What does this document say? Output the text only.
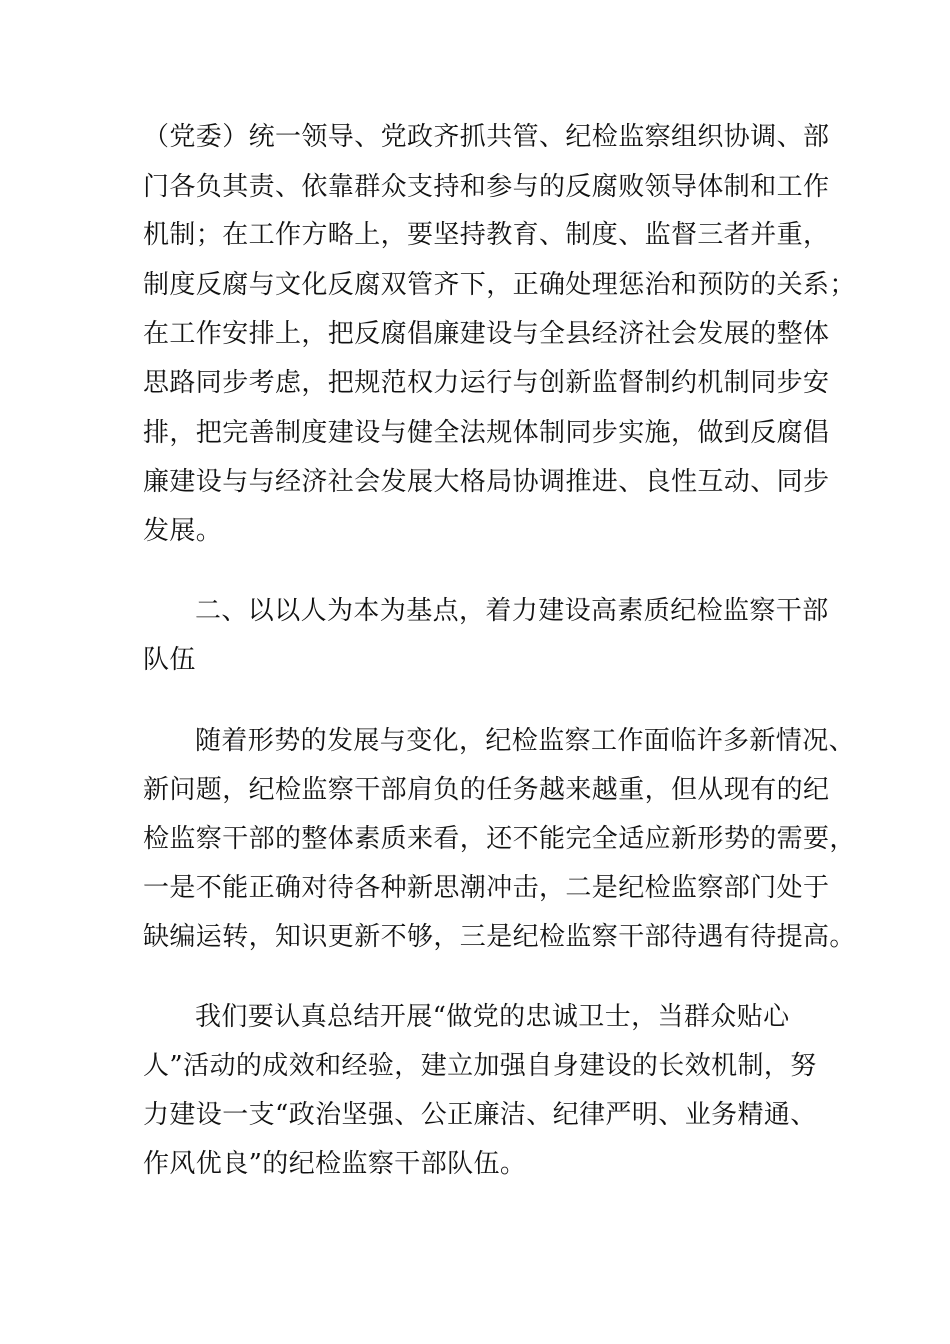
（党委）统一领导、党政齐抓共管、纪检监察组织协调、部
门各负其责、依靠群众支持和参与的反腐败领导体制和工作
机制；在工作方略上，要坚持教育、制度、监督三者并重，
制度反腐与文化反腐双管齐下，正确处理惩治和预防的关系；
在工作安排上，把反腐倡廉建设与全县经济社会发展的整体
思路同步考虑，把规范权力运行与创新监督制约机制同步安
排，把完善制度建设与健全法规体制同步实施，做到反腐倡
廉建设与与经济社会发展大格局协调推进、良性互动、同步
发展。
二、以以人为本为基点，着力建设高素质纪检监察干部
队伍
随着形势的发展与变化，纪检监察工作面临许多新情况、
新问题，纪检监察干部肩负的任务越来越重，但从现有的纪
检监察干部的整体素质来看，还不能完全适应新形势的需要，
一是不能正确对待各种新思潮冲击，二是纪检监察部门处于
缺编运转，知识更新不够，三是纪检监察干部待遇有待提高。
我们要认真总结开展“做党的忠诚卫士，当群众贴心
人”活动的成效和经验，建立加强自身建设的长效机制，努
力建设一支“政治坚强、公正廉洁、纪律严明、业务精通、
作风优良”的纪检监察干部队伍。
